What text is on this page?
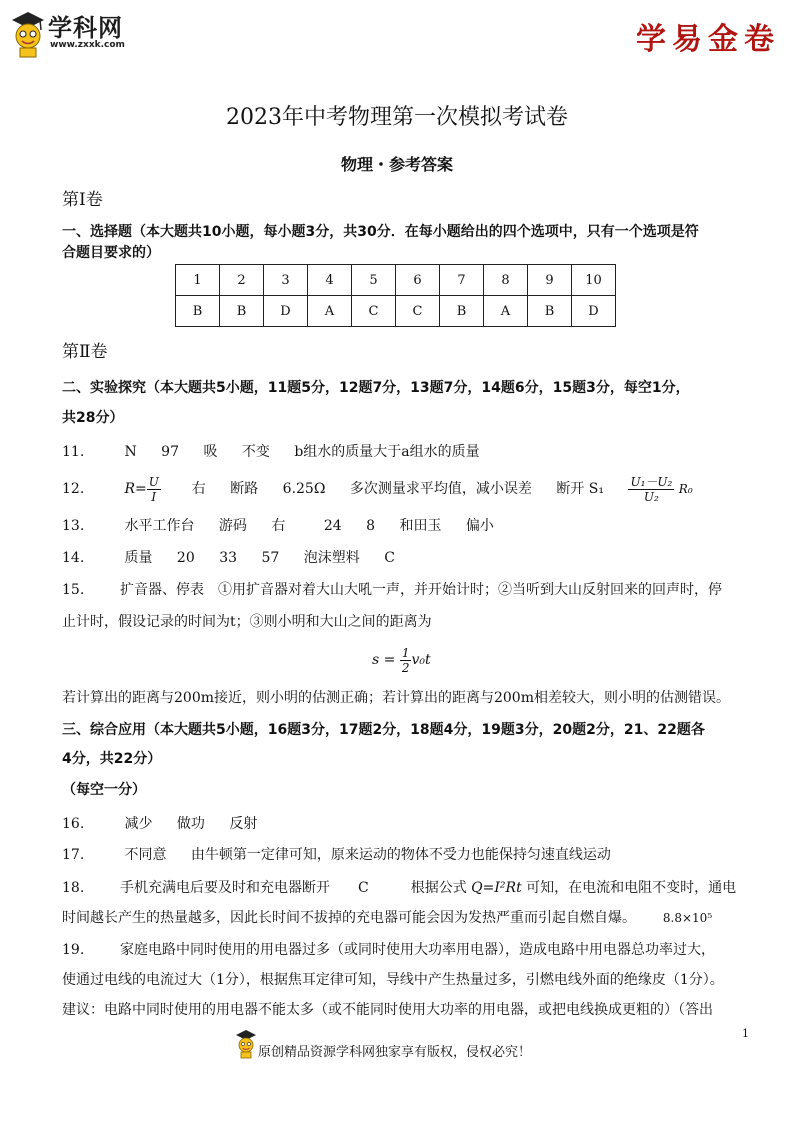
学科网
www.zxxk.com	学易金卷
2023年中考物理第一次模拟考试卷
物理・参考答案
第Ⅰ卷
一、选择题（本大题共10小题，每小题3分，共30分．在每小题给出的四个选项中，只有一个选项是符
合题目要求的）
1	2	3	4	5	6	7	8	9	10
B	B	D	A	C	C	B	A	B	D
第Ⅱ卷
二、实验探究（本大题共5小题，11题5分，12题7分，13题7分，14题6分，15题3分，每空1分，
共28分）
11.	N 97 吸 不变 b组水的质量大于a组水的质量
12.	$R= \frac{U}{I}$ 右 断路 6.25Ω 多次测量求平均值，减小误差 断开 $S_1 \frac{\text{U₁－U₂}}{\text{U₂}} R_0$
13.	水平工作台 游码 右	24 8 和田玉 偏小
14.	质量 20 33 57 泡沫塑料 C
15.	扩音器、停表　①用扩音器对着大山大吼一声，并开始计时；②当听到大山反射回来的回声时，停
止计时，假设记录的时间为t；③则小明和大山之间的距离为
$s = \frac{1}{2} v_0t$
若计算出的距离与200m接近，则小明的估测正确；若计算出的距离与200m相差较大，则小明的估测错误。
三、综合应用（本大题共5小题，16题3分，17题2分，18题4分，19题3分，20题2分，21、22题各
4分，共22分）
（每空一分）
16.	减少 做功 反射
17.	不同意 由牛顿第一定律可知，原来运动的物体不受力也能保持匀速直线运动
18.	手机充满电后要及时和充电器断开　　C　　　根据公式 Q=I²Rt 可知，在电流和电阻不变时，通电
时间越长产生的热量越多，因此长时间不拔掉的充电器可能会因为发热严重而引起自燃自爆。 8.8×10⁵
19.	家庭电路中同时使用的用电器过多（或同时使用大功率用电器），造成电路中用电器总功率过大，
使通过电线的电流过大（1分），根据焦耳定律可知，导线中产生热量过多，引燃电线外面的绝缘皮（1分）。
建议：电路中同时使用的用电器不能太多（或不能同时使用大功率的用电器，或把电线换成更粗的）（答出
原创精品资源学科网独家享有版权，侵权必究！
1
